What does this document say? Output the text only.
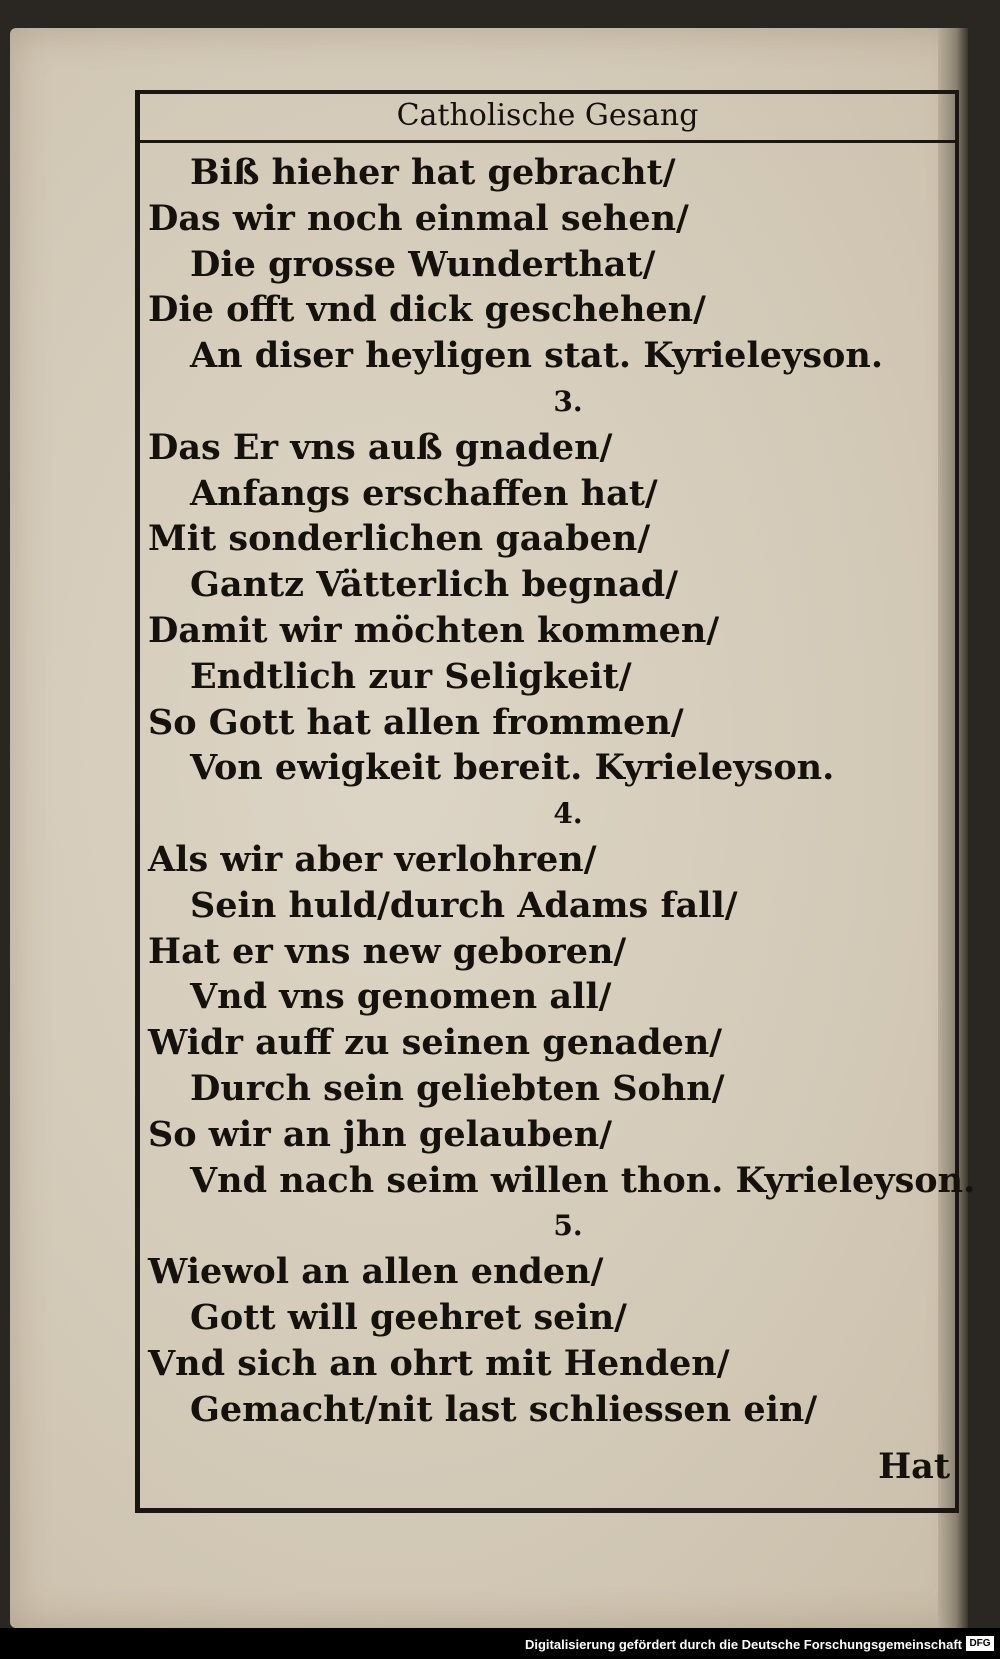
Catholische Gesang
Biß hieher hat gebracht/
Das wir noch einmal sehen/
Die grosse Wunderthat/
Die offt vnd dick geschehen/
An diser heyligen stat. Kyrieleyson.
3.
Das Er vns auß gnaden/
Anfangs erschaffen hat/
Mit sonderlichen gaaben/
Gantz Vätterlich begnad/
Damit wir möchten kommen/
Endtlich zur Seligkeit/
So Gott hat allen frommen/
Von ewigkeit bereit. Kyrieleyson.
4.
Als wir aber verlohren/
Sein huld/durch Adams fall/
Hat er vns new geboren/
Vnd vns genomen all/
Widr auff zu seinen genaden/
Durch sein geliebten Sohn/
So wir an jhn gelauben/
Vnd nach seim willen thon. Kyrieleyson.
5.
Wiewol an allen enden/
Gott will geehret sein/
Vnd sich an ohrt mit Henden/
Gemacht/nit last schliessen ein/
Hat
Digitalisierung gefördert durch die Deutsche Forschungsgemeinschaft DFG
